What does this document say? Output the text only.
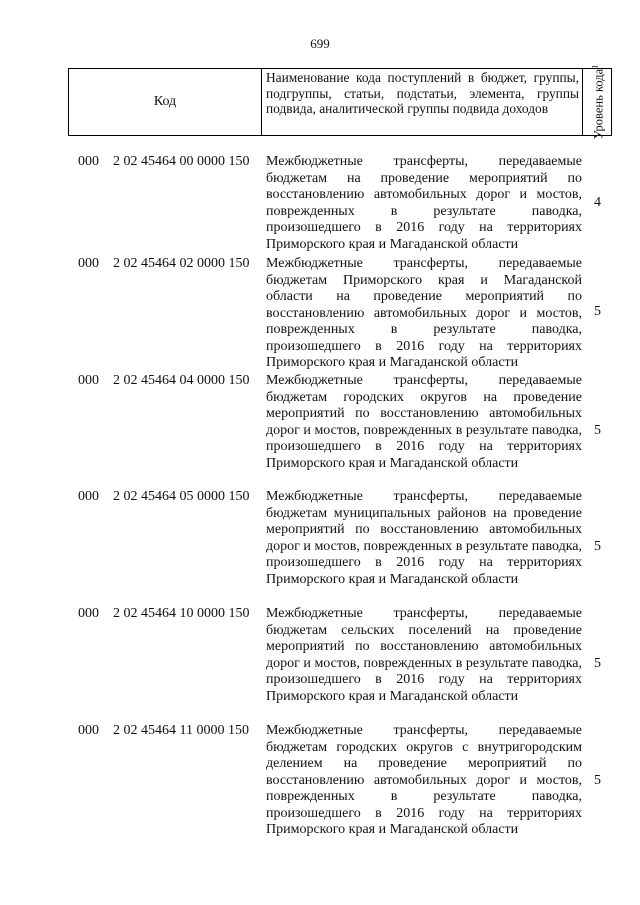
699
Код
Наименование кода поступлений в бюджет, группы, подгруппы, статьи, подстатьи, элемента, группы подвида, аналитической группы подвида доходов	Уровень кода$^1$
000 2 02 45464 00 0000 150 Межбюджетные трансферты, передаваемые бюджетам на проведение мероприятий по восстановлению автомобильных дорог и мостов, поврежденных в результате паводка, произошедшего в 2016 году на территориях Приморского края и Магаданской области
4
000 2 02 45464 02 0000 150 Межбюджетные трансферты, передаваемые бюджетам Приморского края и Магаданской области на проведение мероприятий по восстановлению автомобильных дорог и мостов, поврежденных в результате паводка, произошедшего в 2016 году на территориях Приморского края и Магаданской области
5
000 2 02 45464 04 0000 150 Межбюджетные трансферты, передаваемые бюджетам городских округов на проведение мероприятий по восстановлению автомобильных дорог и мостов, поврежденных в результате паводка, произошедшего в 2016 году на территориях Приморского края и Магаданской области
5
000 2 02 45464 05 0000 150 Межбюджетные трансферты, передаваемые бюджетам муниципальных районов на проведение мероприятий по восстановлению автомобильных дорог и мостов, поврежденных в результате паводка, произошедшего в 2016 году на территориях Приморского края и Магаданской области
5
000 2 02 45464 10 0000 150 Межбюджетные трансферты, передаваемые бюджетам сельских поселений на проведение мероприятий по восстановлению автомобильных дорог и мостов, поврежденных в результате паводка, произошедшего в 2016 году на территориях Приморского края и Магаданской области
5
000 2 02 45464 11 0000 150 Межбюджетные трансферты, передаваемые бюджетам городских округов с внутригородским делением на проведение мероприятий по восстановлению автомобильных дорог и мостов, поврежденных в результате паводка, произошедшего в 2016 году на территориях Приморского края и Магаданской области
5
